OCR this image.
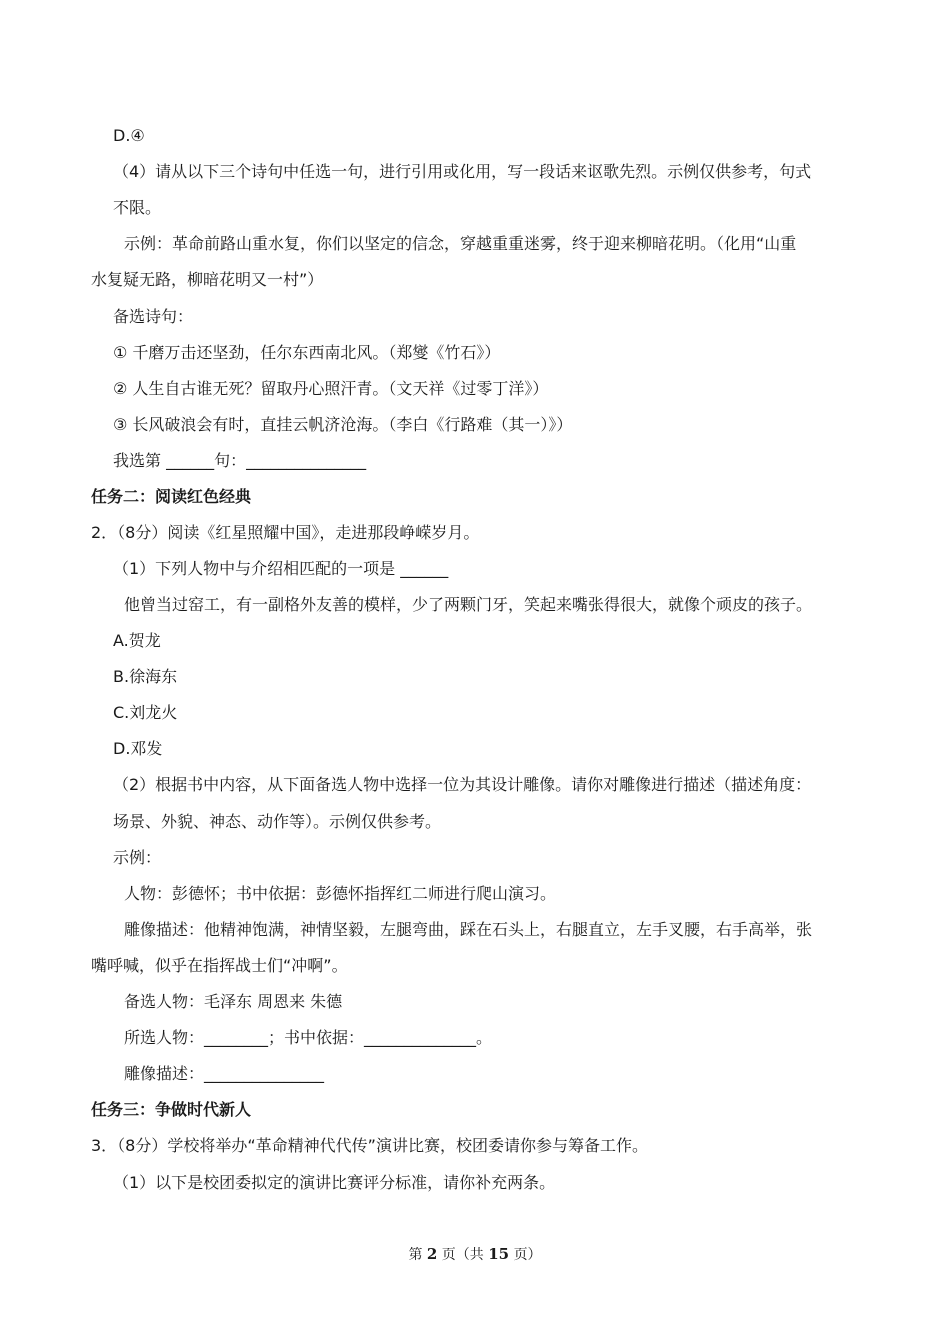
D.④
（4）请从以下三个诗句中任选一句，进行引用或化用，写一段话来讴歌先烈。示例仅供参考，句式
不限。
示例：革命前路山重水复，你们以坚定的信念，穿越重重迷雾，终于迎来柳暗花明。（化用“山重
水复疑无路，柳暗花明又一村”）
备选诗句：
① 千磨万击还坚劲，任尔东西南北风。（郑燮《竹石》）
② 人生自古谁无死？留取丹心照汗青。（文天祥《过零丁洋》）
③ 长风破浪会有时，直挂云帆济沧海。（李白《行路难（其一）》）
我选第 ______句：_______________
任务二：阅读红色经典
2．（8分）阅读《红星照耀中国》，走进那段峥嵘岁月。
（1）下列人物中与介绍相匹配的一项是 ______
他曾当过窑工，有一副格外友善的模样，少了两颗门牙，笑起来嘴张得很大，就像个顽皮的孩子。
A.贺龙
B.徐海东
C.刘龙火
D.邓发
（2）根据书中内容，从下面备选人物中选择一位为其设计雕像。请你对雕像进行描述（描述角度：
场景、外貌、神态、动作等）。示例仅供参考。
示例：
人物：彭德怀；书中依据：彭德怀指挥红二师进行爬山演习。
雕像描述：他精神饱满，神情坚毅，左腿弯曲，踩在石头上，右腿直立，左手叉腰，右手高举，张
嘴呼喊，似乎在指挥战士们“冲啊”。
备选人物：毛泽东 周恩来 朱德
所选人物：________；书中依据：______________。
雕像描述：_______________
任务三：争做时代新人
3．（8分）学校将举办“革命精神代代传”演讲比赛，校团委请你参与筹备工作。
（1）以下是校团委拟定的演讲比赛评分标准，请你补充两条。
第 2 页（共 15 页）
